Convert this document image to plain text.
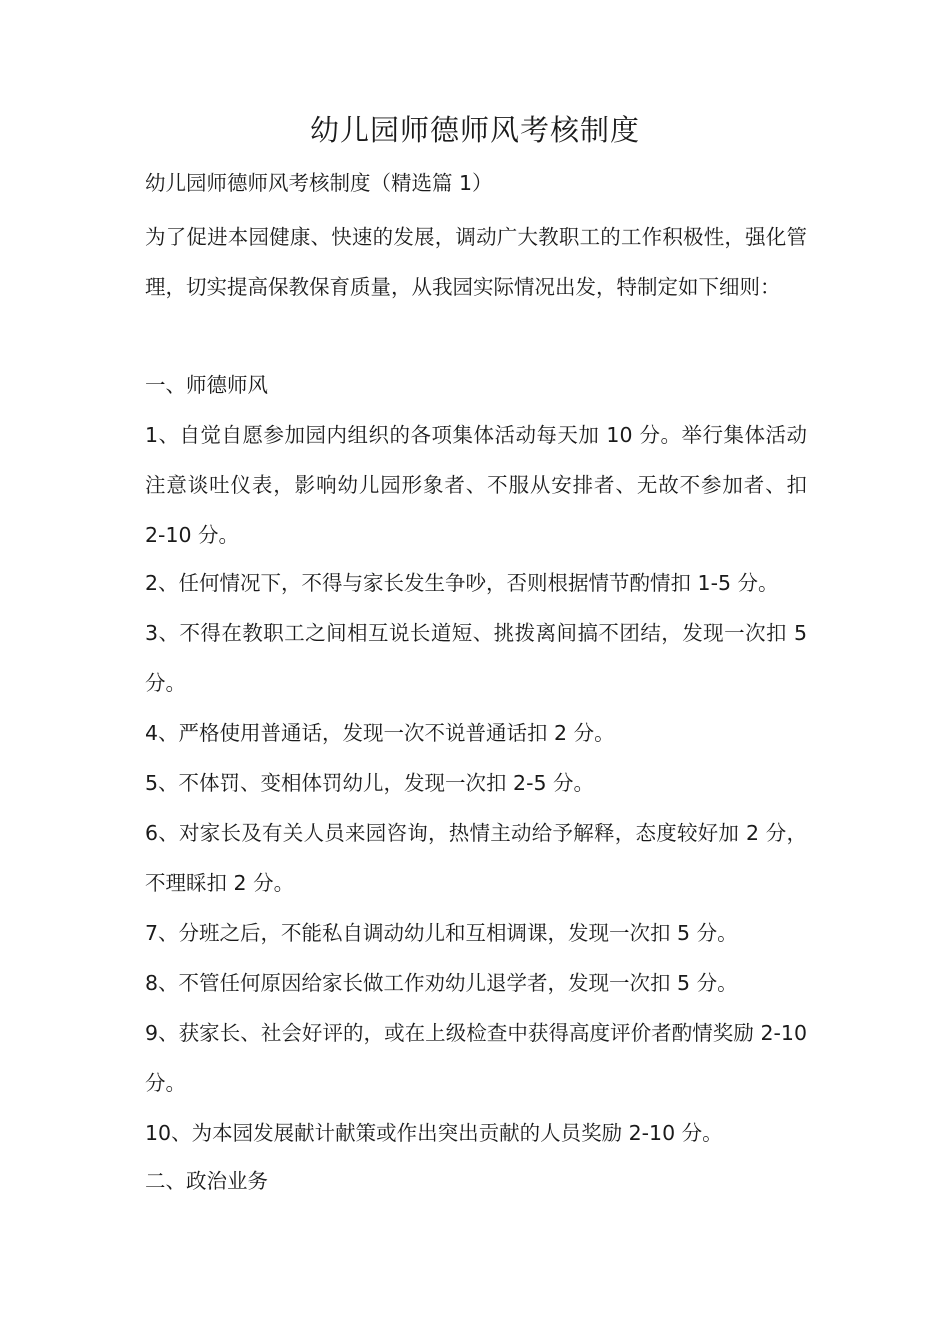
幼儿园师德师风考核制度
幼儿园师德师风考核制度（精选篇 1）
为了促进本园健康、快速的发展，调动广大教职工的工作积极性，强化管理，切实提高保教保育质量，从我园实际情况出发，特制定如下细则：
一、师德师风
1、自觉自愿参加园内组织的各项集体活动每天加 10 分。举行集体活动注意谈吐仪表，影响幼儿园形象者、不服从安排者、无故不参加者、扣 2-10 分。
2、任何情况下，不得与家长发生争吵，否则根据情节酌情扣 1-5 分。
3、不得在教职工之间相互说长道短、挑拨离间搞不团结，发现一次扣 5 分。
4、严格使用普通话，发现一次不说普通话扣 2 分。
5、不体罚、变相体罚幼儿，发现一次扣 2-5 分。
6、对家长及有关人员来园咨询，热情主动给予解释，态度较好加 2 分，不理睬扣 2 分。
7、分班之后，不能私自调动幼儿和互相调课，发现一次扣 5 分。
8、不管任何原因给家长做工作劝幼儿退学者，发现一次扣 5 分。
9、获家长、社会好评的，或在上级检查中获得高度评价者酌情奖励 2-10 分。
10、为本园发展献计献策或作出突出贡献的人员奖励 2-10 分。
二、政治业务
